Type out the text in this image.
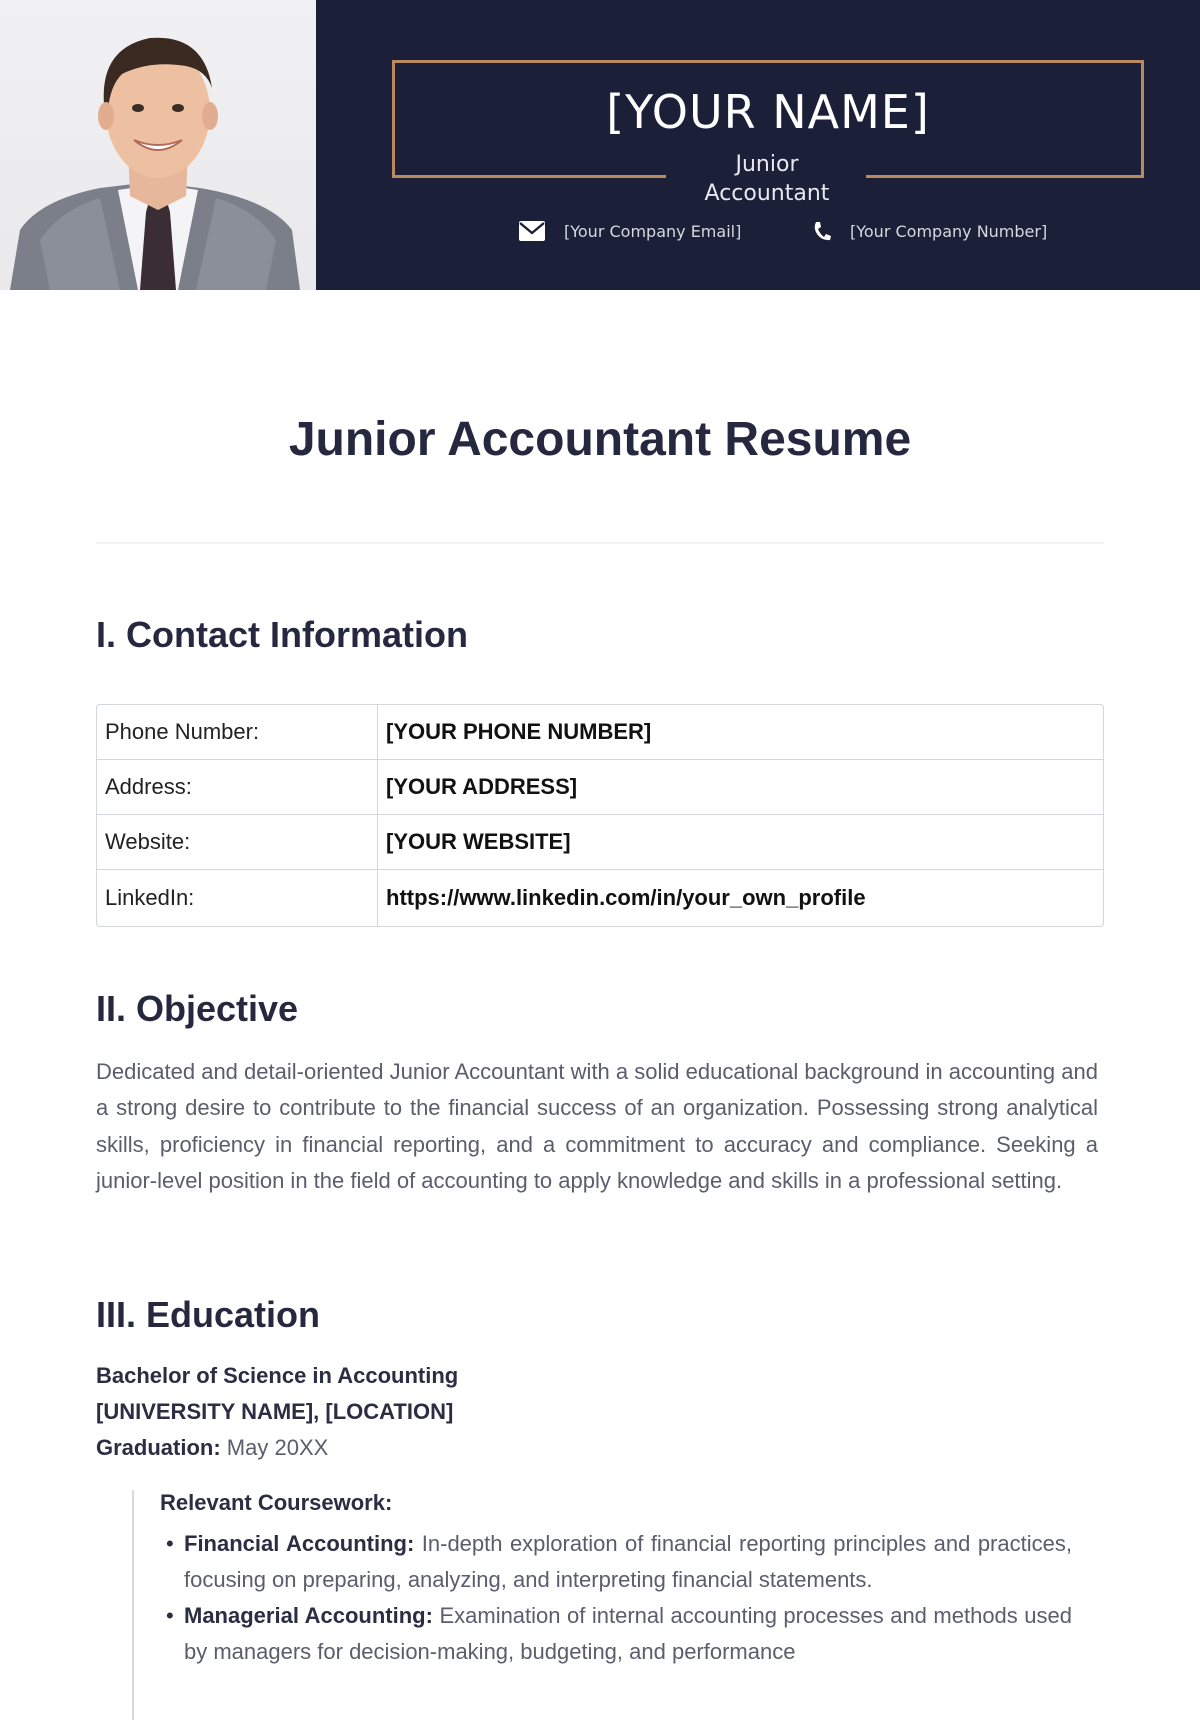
[YOUR NAME]
Junior
Accountant
[Your Company Email]	[Your Company Number]
Junior Accountant Resume
I. Contact Information
Phone Number:	[YOUR PHONE NUMBER]
Address:	[YOUR ADDRESS]
Website:	[YOUR WEBSITE]
LinkedIn:	https://www.linkedin.com/in/your_own_profile
II. Objective

Dedicated and detail-oriented Junior Accountant with a solid educational background in accounting and a strong desire to contribute to the financial success of an organization. Possessing strong analytical skills, proficiency in financial reporting, and a commitment to accuracy and compliance. Seeking a junior-level position in the field of accounting to apply knowledge and skills in a professional setting.

III. Education
Bachelor of Science in Accounting
[UNIVERSITY NAME], [LOCATION]
Graduation: May 20XX

Relevant Coursework:

• Financial Accounting: In-depth exploration of financial reporting principles and practices, focusing on preparing, analyzing, and interpreting financial statements.
• Managerial Accounting: Examination of internal accounting processes and methods used by managers for decision-making, budgeting, and performance
